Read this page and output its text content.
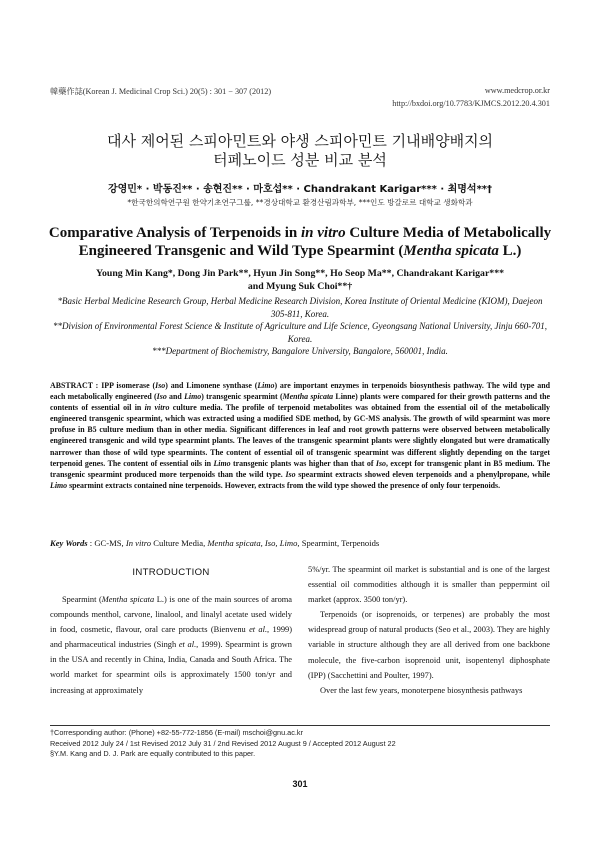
韓藥作誌(Korean J. Medicinal Crop Sci.) 20(5) : 301 − 307 (2012)	www.medcrop.or.kr
http://bxdoi.org/10.7783/KJMCS.2012.20.4.301
대사 제어된 스피아민트와 야생 스피아민트 기내배양배지의
터페노이드 성분 비교 분석
강영민* · 박동진** · 송현진** · 마호섭** · Chandrakant Karigar*** · 최명석**†
*한국한의학연구원 한약기초연구그룹, **경상대학교 환경산림과학부, ***인도 방갈로르 대학교 생화학과
Comparative Analysis of Terpenoids in in vitro Culture Media of Metabolically
Engineered Transgenic and Wild Type Spearmint (Mentha spicata L.)
Young Min Kang*, Dong Jin Park**, Hyun Jin Song**, Ho Seop Ma**, Chandrakant Karigar***
and Myung Suk Choi**†
*Basic Herbal Medicine Research Group, Herbal Medicine Research Division, Korea Institute of Oriental Medicine (KIOM), Daejeon 305-811, Korea.
**Division of Environmental Forest Science & Institute of Agriculture and Life Science, Gyeongsang National University, Jinju 660-701, Korea.
***Department of Biochemistry, Bangalore University, Bangalore, 560001, India.
ABSTRACT : IPP isomerase (Iso) and Limonene synthase (Limo) are important enzymes in terpenoids biosynthesis pathway. The wild type and each metabolically engineered (Iso and Limo) transgenic spearmint (Mentha spicata Linne) plants were compared for their growth patterns and the contents of essential oil in in vitro culture media. The profile of terpenoid metabolites was obtained from the essential oil of the metabolically engineered transgenic spearmint, which was extracted using a modified SDE method, by GC-MS analysis. The growth of wild spearmint was more profuse in B5 culture medium than in other media. Significant differences in leaf and root growth patterns were observed between metabolically engineered transgenic and wild type spearmint plants. The leaves of the transgenic spearmint plants were slightly elongated but were dramatically narrower than those of wild type spearmints. The content of essential oil of transgenic spearmint was different slightly depending on the target terpenoid genes. The content of essential oils in Limo transgenic plants was higher than that of Iso, except for transgenic plant in B5 medium. The transgenic spearmint produced more terpenoids than the wild type. Iso spearmint extracts showed eleven terpenoids and a phenylpropane, while Limo spearmint extracts contained nine terpenoids. However, extracts from the wild type showed the presence of only four terpenoids.
Key Words : GC-MS, In vitro Culture Media, Mentha spicata, Iso, Limo, Spearmint, Terpenoids
INTRODUCTION

Spearmint (Mentha spicata L.) is one of the main sources of aroma compounds menthol, carvone, linalool, and linalyl acetate used widely in food, cosmetic, flavour, oral care products (Bienvenu et al., 1999) and pharmaceutical industries (Singh et al., 1999). Spearmint is grown in the USA and recently in China, India, Canada and South Africa. The world market for spearmint oils is approximately 1500 ton/yr and increasing at approximately

5%/yr. The spearmint oil market is substantial and is one of the largest essential oil commodities although it is smaller than peppermint oil market (approx. 3500 ton/yr).

Terpenoids (or isoprenoids, or terpenes) are probably the most widespread group of natural products (Seo et al., 2003). They are highly variable in structure although they are all derived from one backbone molecule, the five-carbon isoprenoid unit, isopentenyl diphosphate (IPP) (Sacchettini and Poulter, 1997).

Over the last few years, monoterpene biosynthesis pathways

†Corresponding author: (Phone) +82-55-772-1856 (E-mail) mschoi@gnu.ac.kr
Received 2012 July 24 / 1st Revised 2012 July 31 / 2nd Revised 2012 August 9 / Accepted 2012 August 22
§Y.M. Kang and D. J. Park are equally contributed to this paper.
301
